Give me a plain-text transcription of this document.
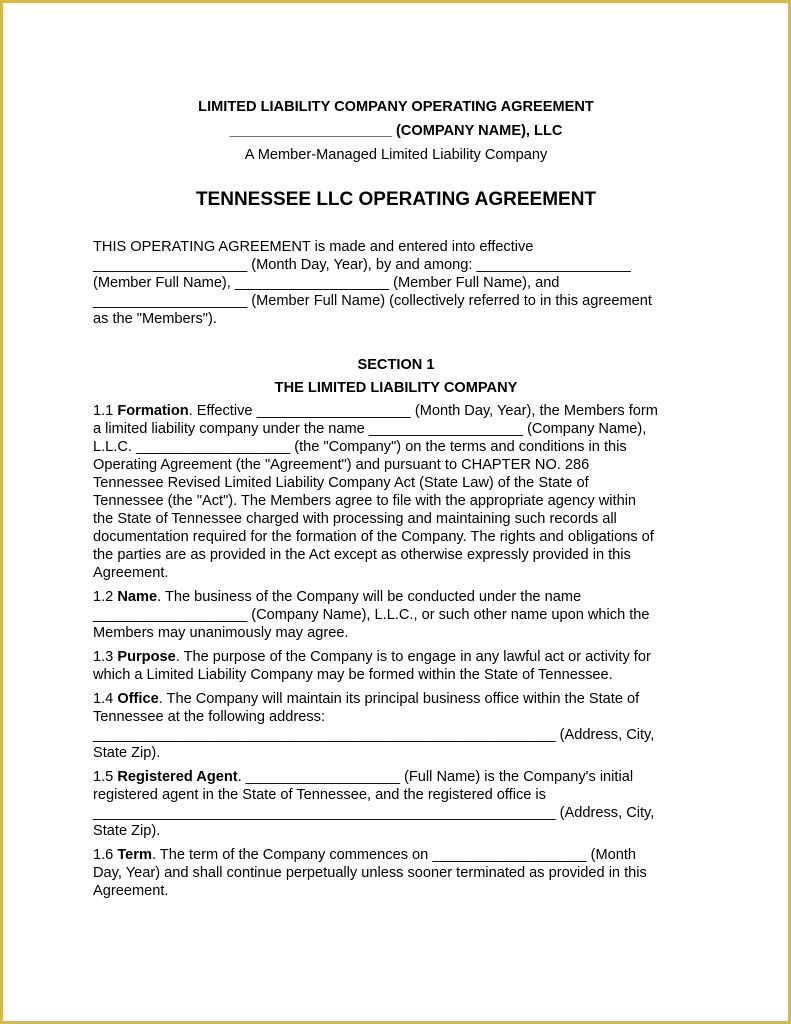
LIMITED LIABILITY COMPANY OPERATING AGREEMENT

____________________ (COMPANY NAME), LLC

A Member-Managed Limited Liability Company

TENNESSEE LLC OPERATING AGREEMENT

THIS OPERATING AGREEMENT is made and entered into effective
___________________ (Month Day, Year), by and among: ___________________
(Member Full Name), ___________________ (Member Full Name), and
___________________ (Member Full Name) (collectively referred to in this agreement
as the "Members").

SECTION 1

THE LIMITED LIABILITY COMPANY

1.1 Formation. Effective ___________________ (Month Day, Year), the Members form
a limited liability company under the name ___________________ (Company Name),
L.L.C. ___________________ (the "Company") on the terms and conditions in this
Operating Agreement (the "Agreement") and pursuant to CHAPTER NO. 286
Tennessee Revised Limited Liability Company Act (State Law) of the State of
Tennessee (the "Act"). The Members agree to file with the appropriate agency within
the State of Tennessee charged with processing and maintaining such records all
documentation required for the formation of the Company. The rights and obligations of
the parties are as provided in the Act except as otherwise expressly provided in this
Agreement.
1.2 Name. The business of the Company will be conducted under the name
___________________ (Company Name), L.L.C., or such other name upon which the
Members may unanimously may agree.
1.3 Purpose. The purpose of the Company is to engage in any lawful act or activity for
which a Limited Liability Company may be formed within the State of Tennessee.
1.4 Office. The Company will maintain its principal business office within the State of
Tennessee at the following address:
_________________________________________________________ (Address, City,
State Zip).
1.5 Registered Agent. ___________________ (Full Name) is the Company's initial
registered agent in the State of Tennessee, and the registered office is
_________________________________________________________ (Address, City,
State Zip).
1.6 Term. The term of the Company commences on ___________________ (Month
Day, Year) and shall continue perpetually unless sooner terminated as provided in this
Agreement.
